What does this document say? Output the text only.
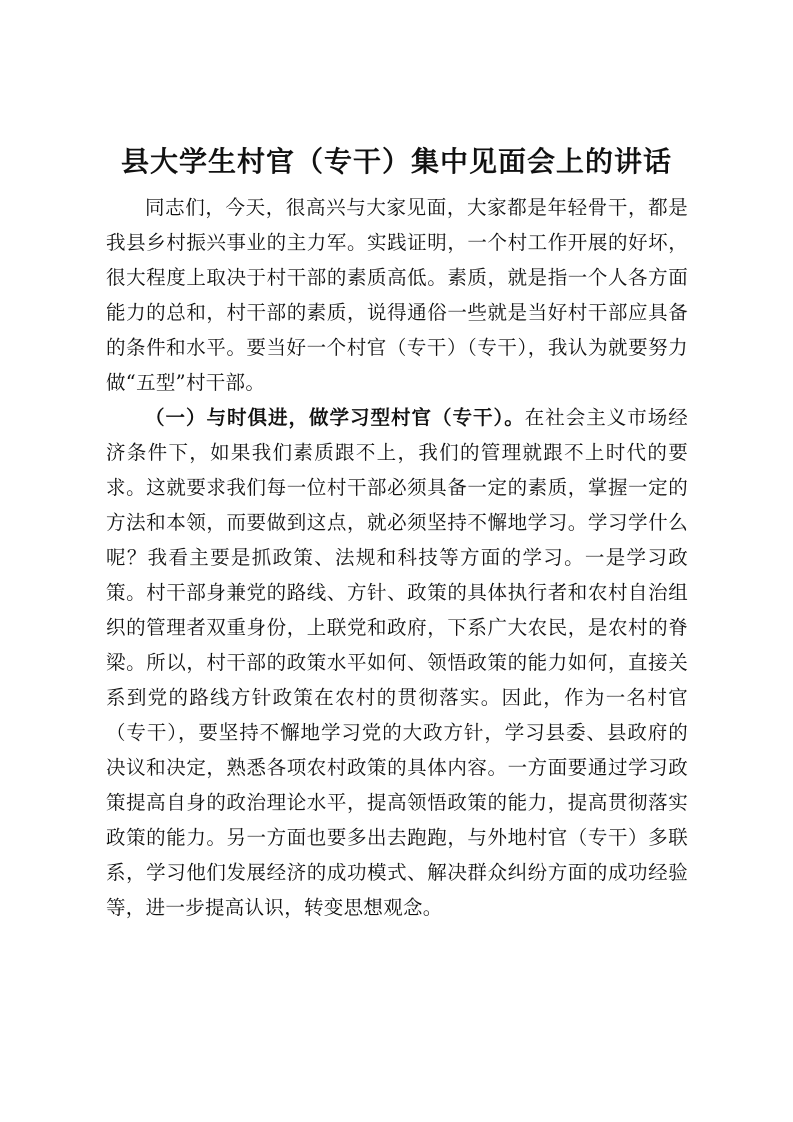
县大学生村官（专干）集中见面会上的讲话

同志们，今天，很高兴与大家见面，大家都是年轻骨干，都是我县乡村振兴事业的主力军。实践证明，一个村工作开展的好坏，很大程度上取决于村干部的素质高低。素质，就是指一个人各方面能力的总和，村干部的素质，说得通俗一些就是当好村干部应具备的条件和水平。要当好一个村官（专干）（专干），我认为就要努力做“五型”村干部。

（一）与时俱进，做学习型村官（专干）。在社会主义市场经济条件下，如果我们素质跟不上，我们的管理就跟不上时代的要求。这就要求我们每一位村干部必须具备一定的素质，掌握一定的方法和本领，而要做到这点，就必须坚持不懈地学习。学习学什么呢？我看主要是抓政策、法规和科技等方面的学习。一是学习政策。村干部身兼党的路线、方针、政策的具体执行者和农村自治组织的管理者双重身份，上联党和政府，下系广大农民，是农村的脊梁。所以，村干部的政策水平如何、领悟政策的能力如何，直接关系到党的路线方针政策在农村的贯彻落实。因此，作为一名村官（专干），要坚持不懈地学习党的大政方针，学习县委、县政府的决议和决定，熟悉各项农村政策的具体内容。一方面要通过学习政策提高自身的政治理论水平，提高领悟政策的能力，提高贯彻落实政策的能力。另一方面也要多出去跑跑，与外地村官（专干）多联系，学习他们发展经济的成功模式、解决群众纠纷方面的成功经验等，进一步提高认识，转变思想观念。
